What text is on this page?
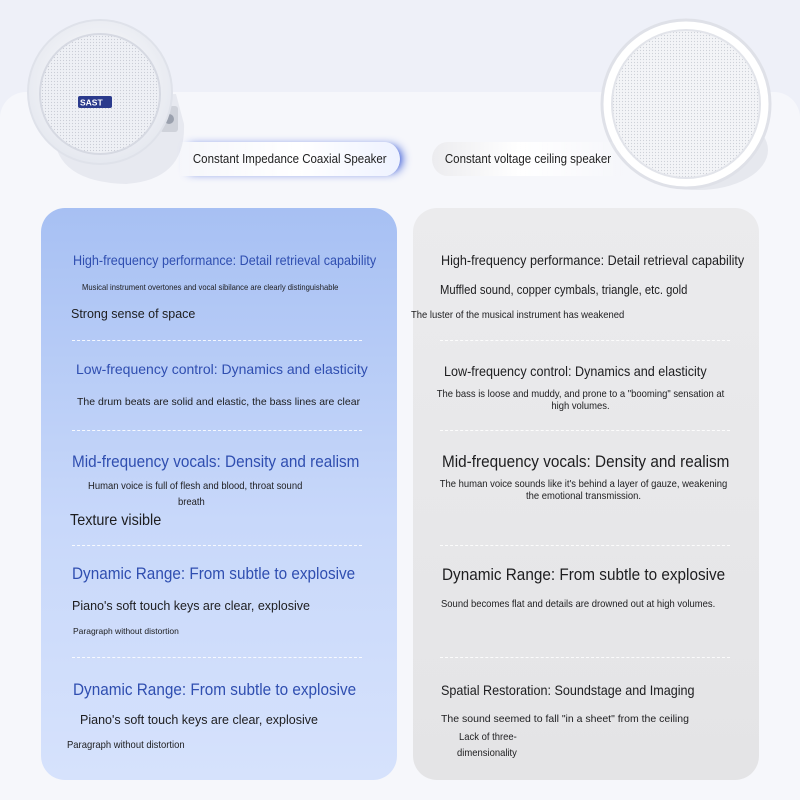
SAST
Constant Impedance Coaxial Speaker	Constant voltage ceiling speaker
High-frequency performance: Detail retrieval capability
Musical instrument overtones and vocal sibilance are clearly distinguishable
Strong sense of space
Low-frequency control: Dynamics and elasticity
The drum beats are solid and elastic, the bass lines are clear
Mid-frequency vocals: Density and realism
Human voice is full of flesh and blood, throat sound
breath
Texture visible
Dynamic Range: From subtle to explosive
Piano's soft touch keys are clear, explosive
Paragraph without distortion
Dynamic Range: From subtle to explosive
Piano's soft touch keys are clear, explosive
Paragraph without distortion
High-frequency performance: Detail retrieval capability
Muffled sound, copper cymbals, triangle, etc. gold
The luster of the musical instrument has weakened
Low-frequency control: Dynamics and elasticity
The bass is loose and muddy, and prone to a "booming" sensation at high volumes.
Mid-frequency vocals: Density and realism
The human voice sounds like it's behind a layer of gauze, weakening the emotional transmission.
Dynamic Range: From subtle to explosive
Sound becomes flat and details are drowned out at high volumes.
Spatial Restoration: Soundstage and Imaging
The sound seemed to fall "in a sheet" from the ceiling
Lack of three-
dimensionality
